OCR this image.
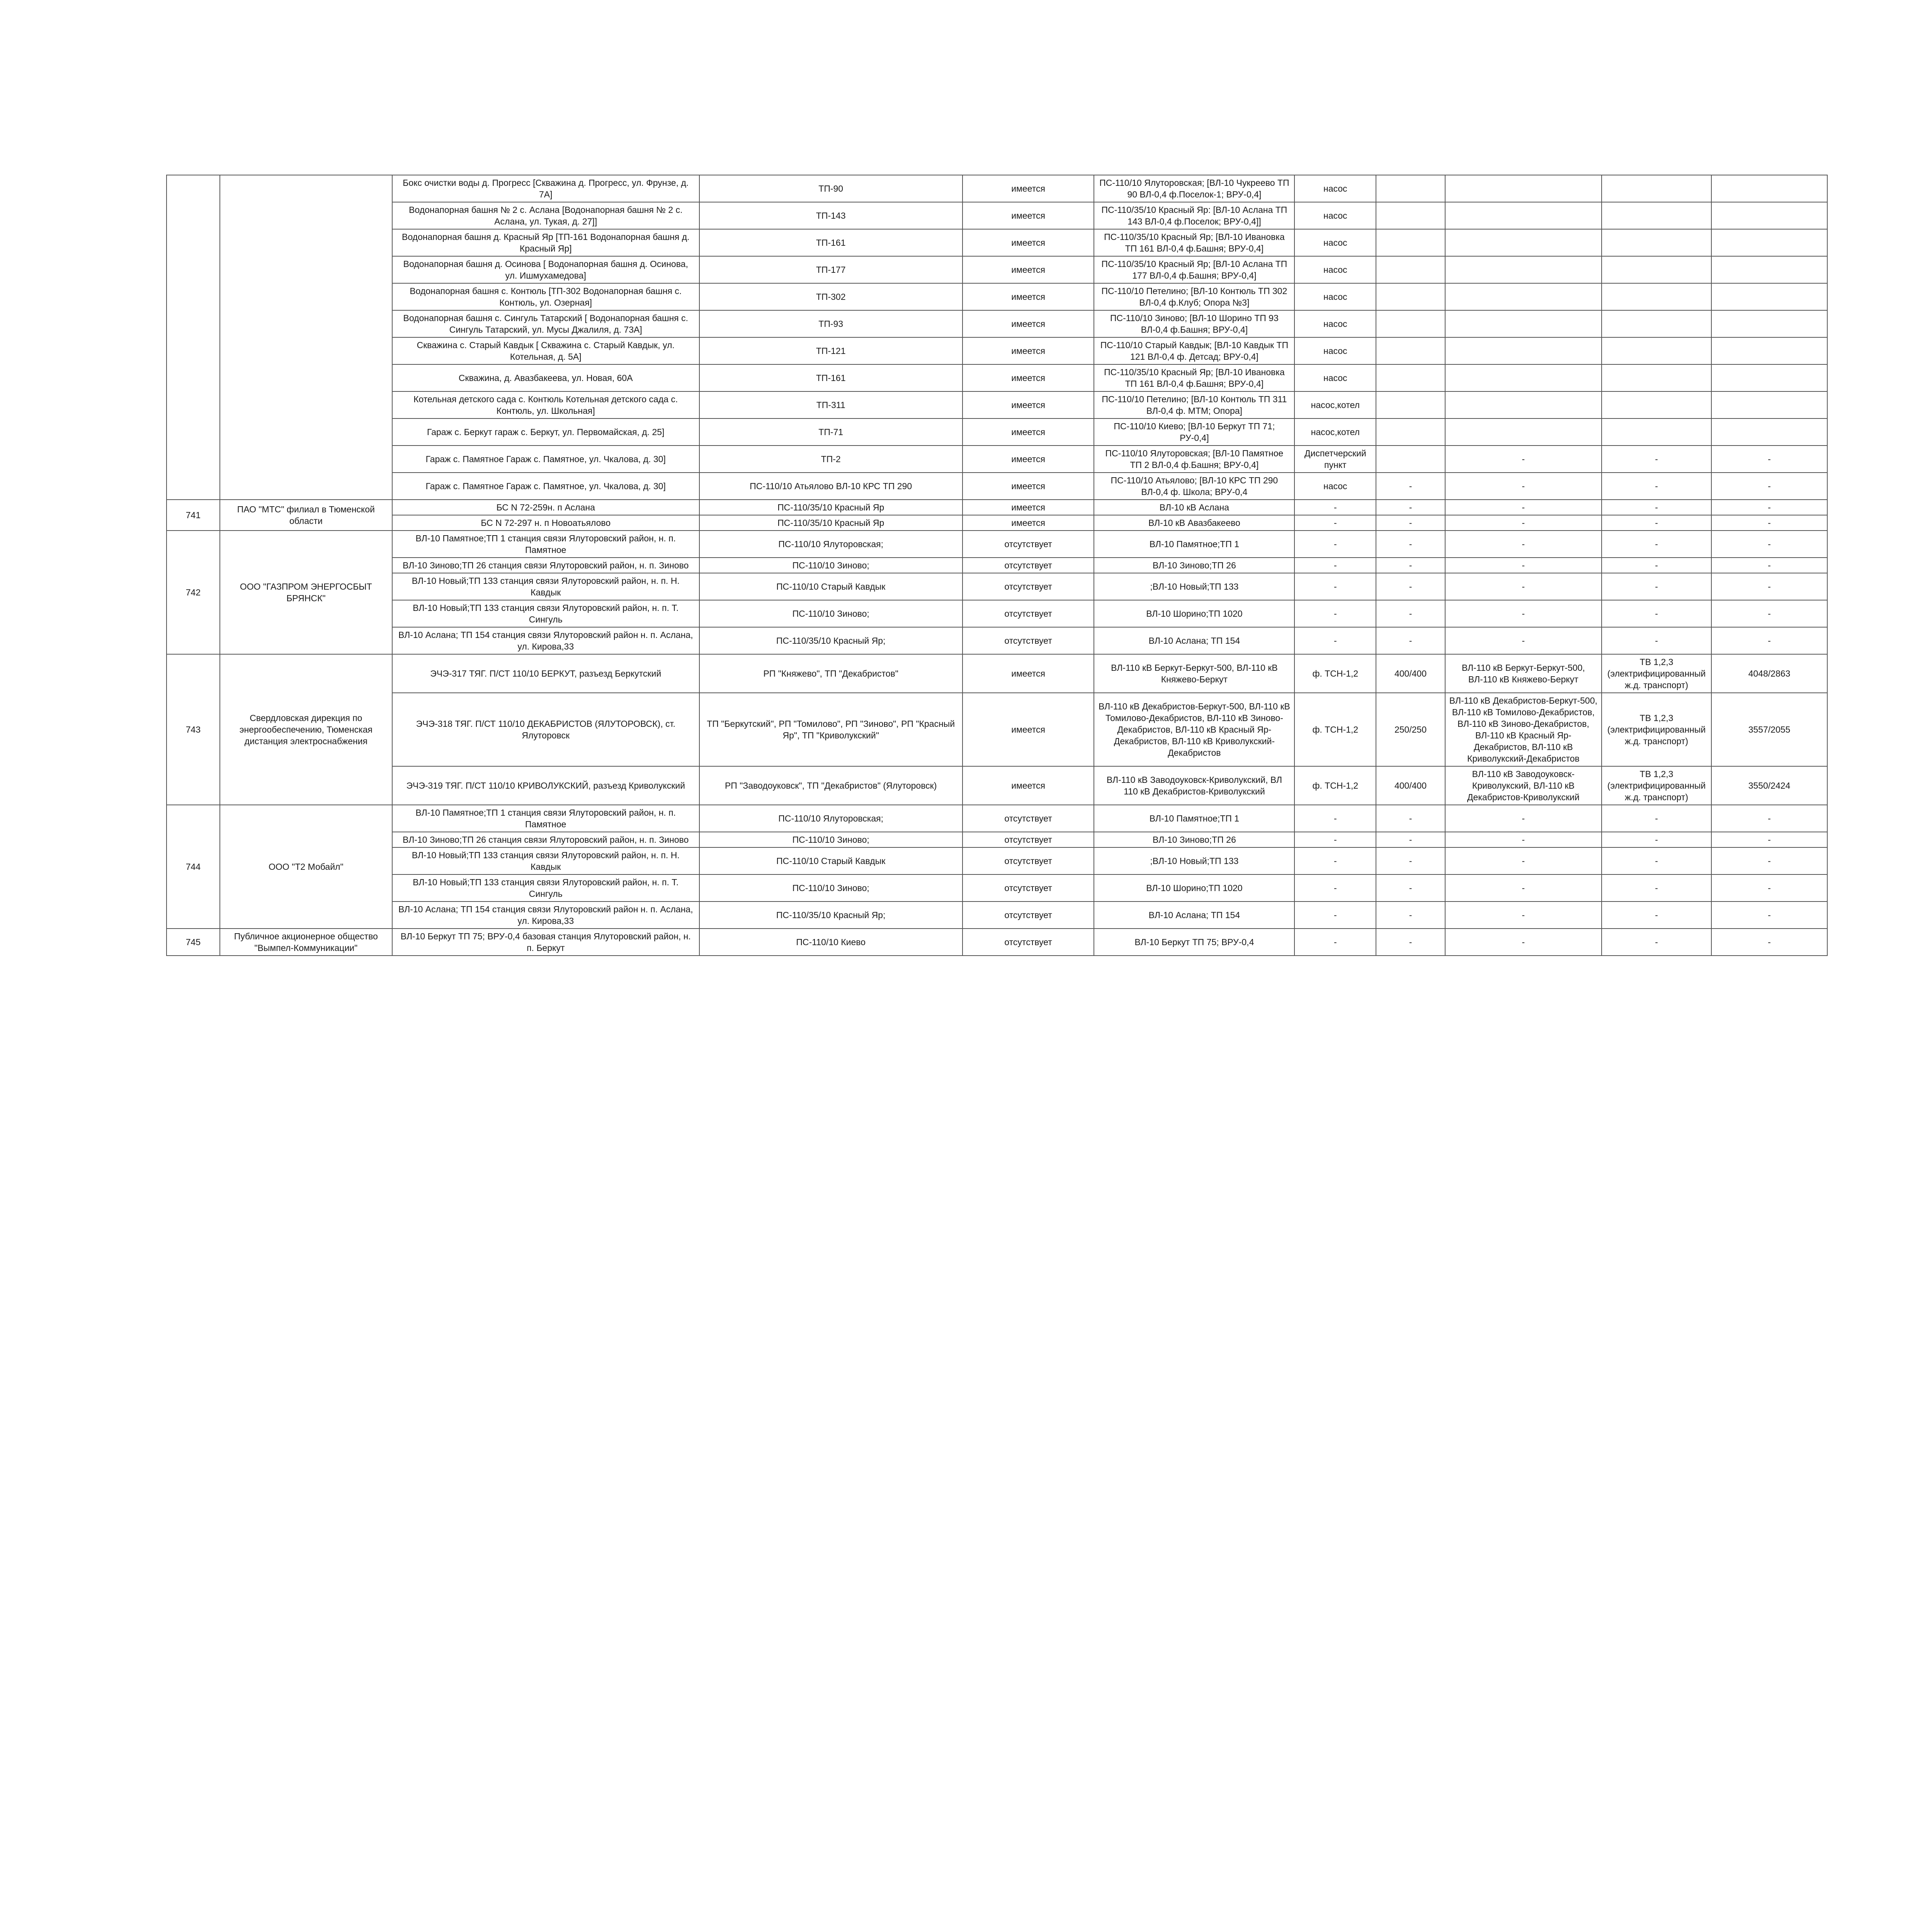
		Бокс очистки воды д. Прогресс [Скважина д. Прогресс, ул. Фрунзе, д. 7А]	ТП-90	имеется	ПС-110/10 Ялуторовская; [ВЛ-10 Чукреево ТП 90 ВЛ-0,4 ф.Поселок-1; ВРУ-0,4]	насос				
		Водонапорная башня № 2 с. Аслана [Водонапорная башня № 2 с. Аслана, ул. Тукая, д. 27]]	ТП-143	имеется	ПС-110/35/10 Красный Яр: [ВЛ-10 Аслана ТП 143 ВЛ-0,4 ф.Поселок; ВРУ-0,4]]	насос				
		Водонапорная башня д. Красный Яр [ТП-161 Водонапорная башня д. Красный Яр]	ТП-161	имеется	ПС-110/35/10 Красный Яр; [ВЛ-10 Ивановка ТП 161 ВЛ-0,4 ф.Башня; ВРУ-0,4]	насос				
		Водонапорная башня д. Осинова [ Водонапорная башня д. Осинова, ул. Ишмухамедова]	ТП-177	имеется	ПС-110/35/10 Красный Яр; [ВЛ-10 Аслана ТП 177 ВЛ-0,4 ф.Башня; ВРУ-0,4]	насос				
		Водонапорная башня с. Контюль [ТП-302 Водонапорная башня с. Контюль, ул. Озерная]	ТП-302	имеется	ПС-110/10 Петелино; [ВЛ-10 Контюль ТП 302 ВЛ-0,4 ф.Клуб; Опора №3]	насос				
		Водонапорная башня с. Сингуль Татарский [ Водонапорная башня с. Сингуль Татарский, ул. Мусы Джалиля, д. 73А]	ТП-93	имеется	ПС-110/10 Зиново; [ВЛ-10 Шорино ТП 93 ВЛ-0,4 ф.Башня; ВРУ-0,4]	насос				
		Скважина с. Старый Кавдык [ Скважина с. Старый Кавдык, ул. Котельная, д. 5А]	ТП-121	имеется	ПС-110/10 Старый Кавдык; [ВЛ-10 Кавдык ТП 121 ВЛ-0,4 ф. Детсад; ВРУ-0,4]	насос				
		Скважина, д. Авазбакеева, ул. Новая, 60А	ТП-161	имеется	ПС-110/35/10 Красный Яр; [ВЛ-10 Ивановка ТП 161 ВЛ-0,4 ф.Башня; ВРУ-0,4]	насос				
		Котельная детского сада с. Контюль Котельная детского сада с. Контюль, ул. Школьная]	ТП-311	имеется	ПС-110/10 Петелино; [ВЛ-10 Контюль ТП 311 ВЛ-0,4 ф. МТМ; Опора]	насос,котел				
		Гараж с. Беркут гараж с. Беркут, ул. Первомайская, д. 25]	ТП-71	имеется	ПС-110/10 Киево; [ВЛ-10 Беркут ТП 71; РУ-0,4]	насос,котел				
		Гараж с. Памятное Гараж с. Памятное, ул. Чкалова, д. 30]	ТП-2	имеется	ПС-110/10 Ялуторовская; [ВЛ-10 Памятное ТП 2 ВЛ-0,4 ф.Башня; ВРУ-0,4]	Диспетчерский пункт		-	-	-
		Гараж с. Памятное Гараж с. Памятное, ул. Чкалова, д. 30]	ПС-110/10 Атьялово ВЛ-10 КРС ТП 290	имеется	ПС-110/10 Атьялово; [ВЛ-10 КРС ТП 290 ВЛ-0,4 ф. Школа; ВРУ-0,4	насос	-	-	-	-
741	ПАО "МТС" филиал в Тюменской области	БС N 72-259н. п Аслана	ПС-110/35/10 Красный Яр	имеется	ВЛ-10 кВ Аслана	-	-	-	-	-
		БС N 72-297 н. п Новоатьялово	ПС-110/35/10 Красный Яр	имеется	ВЛ-10 кВ Авазбакеево	-	-	-	-	-
742	ООО "ГАЗПРОМ ЭНЕРГОСБЫТ БРЯНСК"	ВЛ-10 Памятное;ТП 1 станция связи Ялуторовский район, н. п. Памятное	ПС-110/10 Ялуторовская;	отсутствует	ВЛ-10 Памятное;ТП 1	-	-	-	-	-
		ВЛ-10 Зиново;ТП 26 станция связи Ялуторовский район, н. п. Зиново	ПС-110/10 Зиново;	отсутствует	ВЛ-10 Зиново;ТП 26	-	-	-	-	-
		ВЛ-10 Новый;ТП 133 станция связи Ялуторовский район, н. п. Н. Кавдык	ПС-110/10 Старый Кавдык	отсутствует	;ВЛ-10 Новый;ТП 133	-	-	-	-	-
		ВЛ-10 Новый;ТП 133 станция связи Ялуторовский район, н. п. Т. Сингуль	ПС-110/10 Зиново;	отсутствует	ВЛ-10 Шорино;ТП 1020	-	-	-	-	-
		ВЛ-10 Аслана; ТП 154 станция связи Ялуторовский район н. п. Аслана, ул. Кирова,33	ПС-110/35/10 Красный Яр;	отсутствует	ВЛ-10 Аслана; ТП 154	-	-	-	-	-
743	Свердловская дирекция по энергообеспечению, Тюменская дистанция электроснабжения	ЭЧЭ-317 ТЯГ. П/СТ 110/10 БЕРКУТ, разъезд Беркутский	РП "Княжево", ТП "Декабристов"	имеется	ВЛ-110 кВ Беркут-Беркут-500, ВЛ-110 кВ Княжево-Беркут	ф. ТСН-1,2	400/400	ВЛ-110 кВ Беркут-Беркут-500, ВЛ-110 кВ Княжево-Беркут	ТВ 1,2,3 (электрифицированный ж.д. транспорт)	4048/2863
		ЭЧЭ-318 ТЯГ. П/СТ 110/10 ДЕКАБРИСТОВ (ЯЛУТОРОВСК), ст. Ялуторовск	ТП "Беркутский", РП "Томилово", РП "Зиново", РП "Красный Яр", ТП "Криволукский"	имеется	ВЛ-110 кВ Декабристов-Беркут-500, ВЛ-110 кВ Томилово-Декабристов, ВЛ-110 кВ Зиново-Декабристов, ВЛ-110 кВ Красный Яр-Декабристов, ВЛ-110 кВ Криволукский-Декабристов	ф. ТСН-1,2	250/250	ВЛ-110 кВ Декабристов-Беркут-500, ВЛ-110 кВ Томилово-Декабристов, ВЛ-110 кВ Зиново-Декабристов, ВЛ-110 кВ Красный Яр-Декабристов, ВЛ-110 кВ Криволукский-Декабристов	ТВ 1,2,3 (электрифицированный ж.д. транспорт)	3557/2055
		ЭЧЭ-319 ТЯГ. П/СТ 110/10 КРИВОЛУКСКИЙ, разъезд Криволукский	РП "Заводоуковск", ТП "Декабристов" (Ялуторовск)	имеется	ВЛ-110 кВ Заводоуковск-Криволукский, ВЛ 110 кВ Декабристов-Криволукский	ф. ТСН-1,2	400/400	ВЛ-110 кВ Заводоуковск-Криволукский, ВЛ-110 кВ Декабристов-Криволукский	ТВ 1,2,3 (электрифицированный ж.д. транспорт)	3550/2424
744	ООО "Т2 Мобайл"	ВЛ-10 Памятное;ТП 1 станция связи Ялуторовский район, н. п. Памятное	ПС-110/10 Ялуторовская;	отсутствует	ВЛ-10 Памятное;ТП 1	-	-	-	-	-
		ВЛ-10 Зиново;ТП 26 станция связи Ялуторовский район, н. п. Зиново	ПС-110/10 Зиново;	отсутствует	ВЛ-10 Зиново;ТП 26	-	-	-	-	-
		ВЛ-10 Новый;ТП 133 станция связи Ялуторовский район, н. п. Н. Кавдык	ПС-110/10 Старый Кавдык	отсутствует	;ВЛ-10 Новый;ТП 133	-	-	-	-	-
		ВЛ-10 Новый;ТП 133 станция связи Ялуторовский район, н. п. Т. Сингуль	ПС-110/10 Зиново;	отсутствует	ВЛ-10 Шорино;ТП 1020	-	-	-	-	-
		ВЛ-10 Аслана; ТП 154 станция связи Ялуторовский район н. п. Аслана, ул. Кирова,33	ПС-110/35/10 Красный Яр;	отсутствует	ВЛ-10 Аслана; ТП 154	-	-	-	-	-
745	Публичное акционерное общество "Вымпел-Коммуникации"	ВЛ-10 Беркут ТП 75; ВРУ-0,4 базовая станция Ялуторовский район, н. п. Беркут	ПС-110/10 Киево	отсутствует	ВЛ-10 Беркут ТП 75; ВРУ-0,4	-	-	-	-	-
